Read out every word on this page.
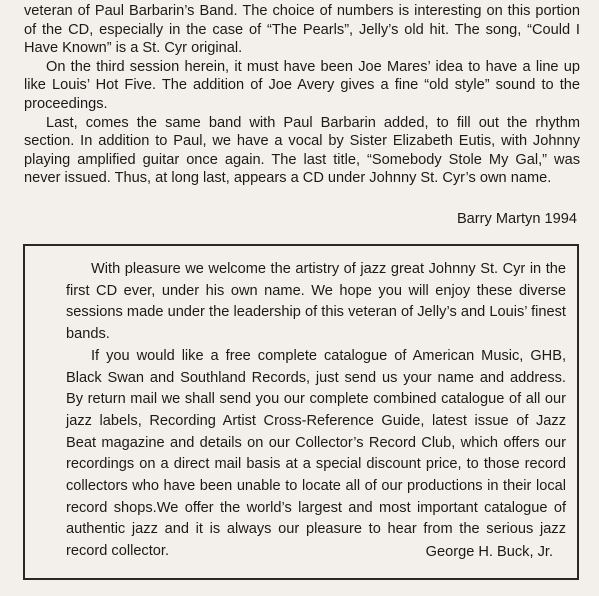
veteran of Paul Barbarin’s Band. The choice of numbers is interesting on this portion of the CD, especially in the case of “The Pearls”, Jelly’s old hit. The song, “Could I Have Known” is a St. Cyr original.

On the third session herein, it must have been Joe Mares’ idea to have a line up like Louis’ Hot Five. The addition of Joe Avery gives a fine “old style” sound to the proceedings.

Last, comes the same band with Paul Barbarin added, to fill out the rhythm section. In addition to Paul, we have a vocal by Sister Elizabeth Eutis, with Johnny playing amplified guitar once again. The last title, “Somebody Stole My Gal,” was never issued. Thus, at long last, appears a CD under Johnny St. Cyr’s own name.

Barry Martyn 1994

With pleasure we welcome the artistry of jazz great Johnny St. Cyr in the first CD ever, under his own name. We hope you will enjoy these diverse sessions made under the leadership of this veteran of Jelly’s and Louis’ finest bands.

If you would like a free complete catalogue of American Music, GHB, Black Swan and Southland Records, just send us your name and address. By return mail we shall send you our complete combined catalogue of all our jazz labels, Recording Artist Cross-Reference Guide, latest issue of Jazz Beat magazine and details on our Collector’s Record Club, which offers our recordings on a direct mail basis at a special discount price, to those record collectors who have been unable to locate all of our productions in their local record shops.We offer the world’s largest and most important catalogue of authentic jazz and it is always our pleasure to hear from the serious jazz record collector.	George H. Buck, Jr.
